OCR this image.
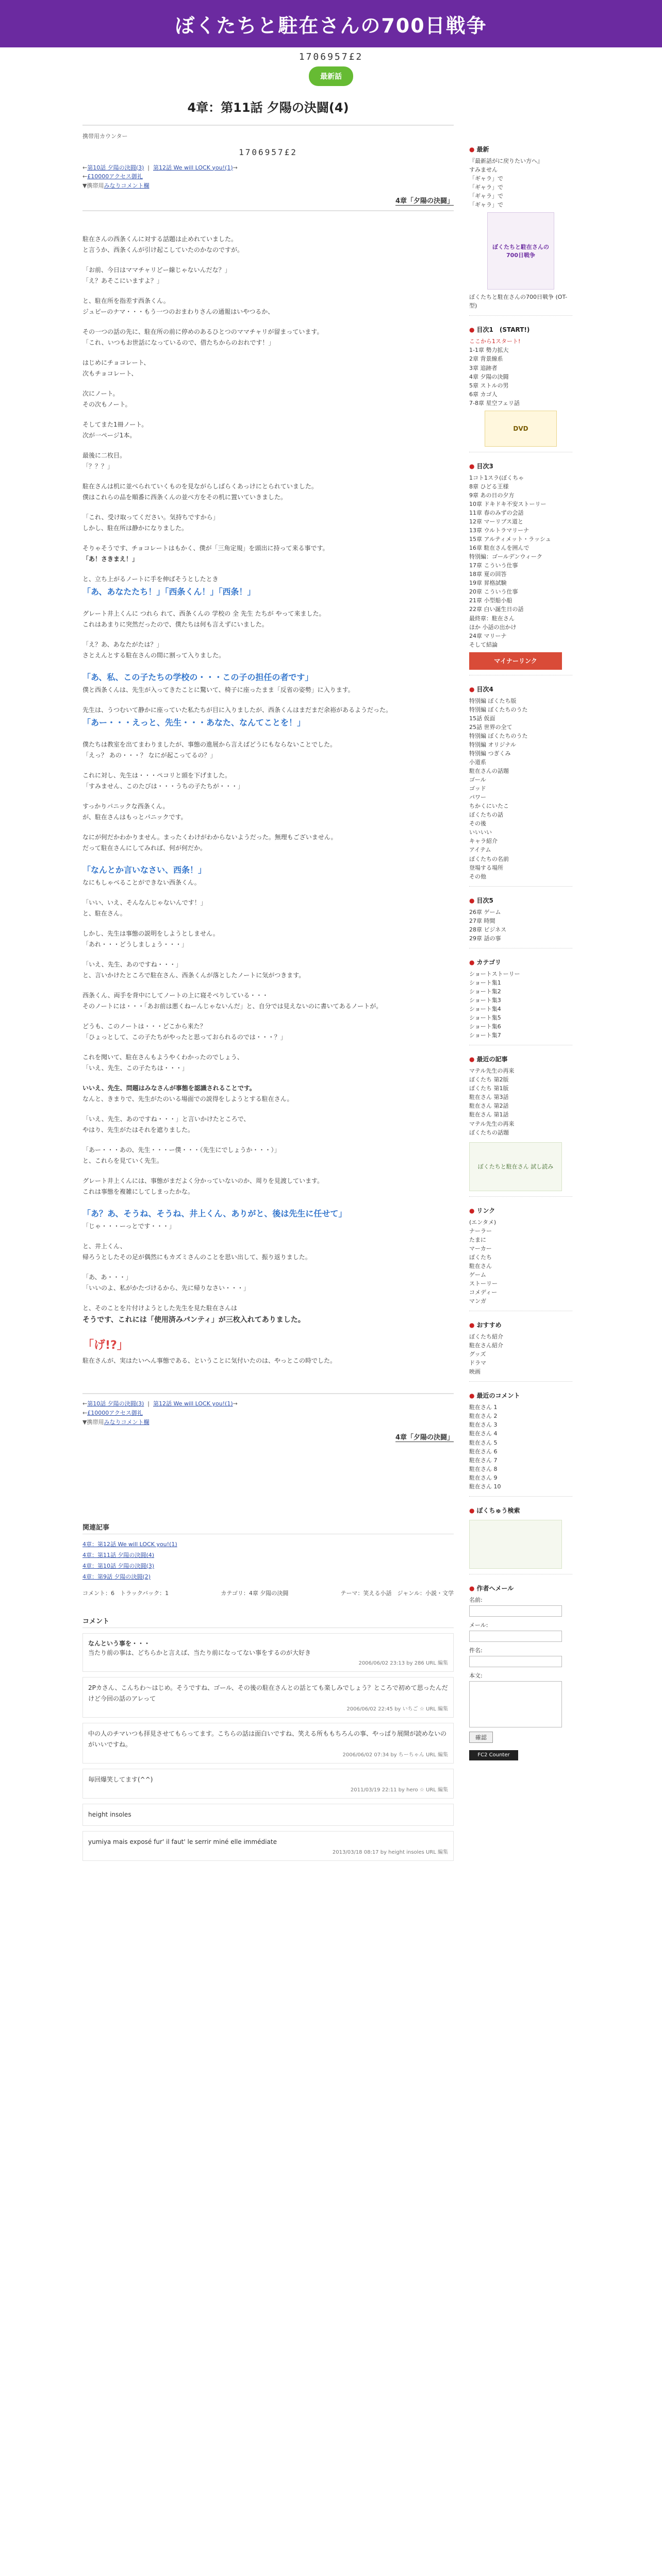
ぼくたちと駐在さんの700日戦争
1706957£2
最新話
4章：第11話 夕陽の決闘(4)
携帯用カウンター
1706957£2
←第10話 夕陽の決闘(3)  |  第12話 We will LOCK you!(1)→
←£10000アクセス御礼
▼携帯用みなりコメント欄
4章「夕陽の決闘」

駐在さんの西条くんに対する話題は止めれていました。

と言うか、西条くんが引け起こしていたのかなのですが。

「お前、今日はママチャリどー線じゃないんだな？」

「え？あそこにいますよ？」

と、駐在所を指差す西条くん。

ジュピーのナマ・・・もう一つのおまわりさんの通報はいやつるか、

その一つの話の先に、駐在所の前に停めのあるひとつのママチャリが留まっています。

「これ、いつもお世話になっているので、借たちからのおれです！」

はじめにチョコレート、

次もチョコレート、

次にノート。

その次もノート。

そしてまた1冊ノート。

次が一ページ1本。

最後に二枚目。

「？？？」

駐在さんは机に並べられていくものを見ながらしばらくあっけにとられていました。

僕はこれらの品を順番に西条くんの並べ方をその机に置いていきました。

「これ、受け取ってください。気持ちですから」

しかし、駐在所は静かになりました。

そりゃそうです、チョコレートはもかく、僕が「三角定規」を頭出に持って来る事です。

「あ！さきまえ！」

と、立ち上がるノートに手を伸ばそうとしたとき

「あ、あなたたち！」「西条くん！」「西条！」

グレート井上くんに つれら れて、西条くんの 学校の 全 先生 たちが やって来ました。

これはあまりに突然だったので、僕たちは何も言えずにいました。

「え？あ、あなたがたは？」

さとえんとする駐在さんの間に割って入りました。

「あ、私、この子たちの学校の・・・この子の担任の者です」

僕と西条くんは、先生が入ってきたことに驚いて、椅子に座ったまま「反省の姿勢」に入ります。

先生は、うつむいて静かに座っていた私たちが目に入りましたが、西条くんはまだまだ余裕があるようだった。

「あー・・・えっと、先生・・・あなた、なんてことを！」

僕たちは教室を出てまわりましたが、事態の進展から言えばどうにもならないことでした。

「えっ？ あの・・・？ なにが起こってるの？」

これに対し、先生は・・・ペコリと頭を下げました。

「すみません、このたびは・・・うちの子たちが・・・」

すっかりパニックな西条くん。

が、駐在さんはもっとパニックです。

なにが何だかわかりません。まったくわけがわからないようだった。無理もございません。

だって駐在さんにしてみれば、何が何だか。

「なんとか言いなさい、西条！」

なにもしゃべることができない西条くん。

「いい、いえ、そんなんじゃないんです！」

と、駐在さん。

しかし、先生は事態の説明をしようとしません。

「あれ・・・どうしましょう・・・」

「いえ、先生、あのですね・・・」

と、言いかけたところで駐在さん、西条くんが落としたノートに気がつきます。

西条くん、両手を背中にしてノートの上に寝そべりしている・・・

そのノートには・・・「あお前は悪くねーんじゃないんだ」と、自分では見えないのに書いてあるノートが。

どうも、このノートは・・・どこから来た？

「ひょっとして、この子たちがやったと思っておられるのでは・・・？」

これを聞いて、駐在さんもようやくわかったのでしょう、

「いえ、先生、この子たちは・・・」

いいえ、先生、問題はみなさんが事態を認識されることです。

なんと、きまりで、先生がたのいる場面での説得をしようとする駐在さん。

「いえ、先生、あのですね・・・」と言いかけたところで、

やはり、先生がたはそれを遮りました。

「あー・・・あの、先生・・・ー僕・・・（先生にでしょうか・・・）」

と、これらを見ていく先生。

グレート井上くんには、事態がまだよく分かっていないのか、周りを見渡しています。

これは事態を複雑にしてしまったかな。

「あ？あ、そうね、そうね、井上くん、ありがと、後は先生に任せて」

「じゃ・・・ーっとです・・・」

と、井上くん、

帰ろうとしたその足が偶然にもカズミさんのことを思い出して、振り返りました。

「あ、あ・・・」

「いいのよ、私がかたづけるから、先に帰りなさい・・・」

と、そのことを片付けようとした先生を見た駐在さんは

そうです、これには「使用済みパンティ」が三枚入れてありました。

「げ!?」

駐在さんが、実はたいへん事態である、ということに気付いたのは、やっとこの時でした。

←第10話 夕陽の決闘(3)  |  第12話 We will LOCK you!(1)→
←£10000アクセス御礼
▼携帯用みなりコメント欄
4章「夕陽の決闘」
関連記事
4章：第12話 We will LOCK you!(1)
4章：第11話 夕陽の決闘(4)
4章：第10話 夕陽の決闘(3)
4章：第9話 夕陽の決闘(2)
コメント：6　トラックバック：1	カテゴリ：4章 夕陽の決闘	テーマ：笑える小話　ジャンル：小説・文学
コメント
なんという事を・・・
当たり前の事は、どちらかと言えば、当たり前になってない事をするのが大好き
2006/06/02 23:13 by 286 URL 編集
2Pカさん、こんちわ〜はじめ。そうですね、ゴール、その後の駐在さんとの話とても楽しみでしょう？ところで初めて思ったんだけど今回の話のアレって
2006/06/02 22:45 by いちご ☆ URL 編集
中の人のチマいつも拝見させてもらってます。こちらの話は面白いですね、笑える所ももちろんの事、やっぱり展開が読めないのがいいですね。
2006/06/02 07:34 by ちーちゃん URL 編集
毎回爆笑してます(^^)
2011/03/19 22:11 by hero ☆ URL 編集
height insoles
yumiya mais exposé fur' il faut' le serrir miné elle immédiate
2013/03/18 08:17 by height insoles URL 編集
● 最新
『最新話がに戻りたい方へ』
すみません
「ギャラ」で
「ギャラ」で
「ギャラ」で
「ギャラ」で
ぼくたちと駐在さんの700日戦争
ぼくたちと駐在さんの700日戦争 (OT-型)
● 目次1　(START!)
ここから1スタート!
1-1章 勢力拡大
2章 背景線系
3章 追跡者
4章 夕陽の決闘
5章 ストルの男
6章 カゴ人
7-8章 星空フェリ話
DVD
● 目次3
1コト1スラ(ぼくちゃ
8章 ひどる王様
9章 あの日の夕方
10章 ドキドキ不安ストーリー
11章 春のみずの会話
12章 マーリブス道と
13章 ウルトラマリーナ
15章 アルティメット・ラッシュ
16章 駐在さんを囲んで
特別編：ゴールデンウィーク
17章 こういう仕事
18章 夏の回答
19章 昇格試験
20章 こういう仕事
21章 小型船小船
22章 白い誕生日の話
最終章：駐在さん
ほか 小話の出かけ
24章 マリーナ
そして結論
マイナーリンク
● 目次4
特別編 ぼくたち版
特別編 ぼくたちのうた
15話 仮面
25話 世界の全て
特別編 ぼくたちのうた
特別編 オリジナル
特別編 つぎくみ
小道系
駐在さんの話題
ゴール
ゴッド
パワー
ちかくにいたこ
ぼくたちの話
その後
いいいい
キャラ紹介
アイテム
ぼくたちの名前
登場する場所
その他
● 目次5
26章 ゲーム
27章 時間
28章 ビジネス
29章 話の事
● カテゴリ
ショートストーリー
ショート集1
ショート集2
ショート集3
ショート集4
ショート集5
ショート集6
ショート集7
● 最近の記事
マテル先生の再来
ぼくたち 第2版
ぼくたち 第1版
駐在さん 第3話
駐在さん 第2話
駐在さん 第1話
マテル先生の再来
ぼくたちの話題
ぼくたちと駐在さん 試し読み
● リンク
(エンタメ)
ナーラー
たまに
マーカー
ぼくたち
駐在さん
ゲーム
ストーリー
コメディー
マンガ
● おすすめ
ぼくたち紹介
駐在さん紹介
グッズ
ドラマ
映画
● 最近のコメント
駐在さん 1
駐在さん 2
駐在さん 3
駐在さん 4
駐在さん 5
駐在さん 6
駐在さん 7
駐在さん 8
駐在さん 9
駐在さん 10
● ぼくちゅう検索
● 作者へメール
名前:
メール:
件名:
本文:
確認
FC2 Counter
